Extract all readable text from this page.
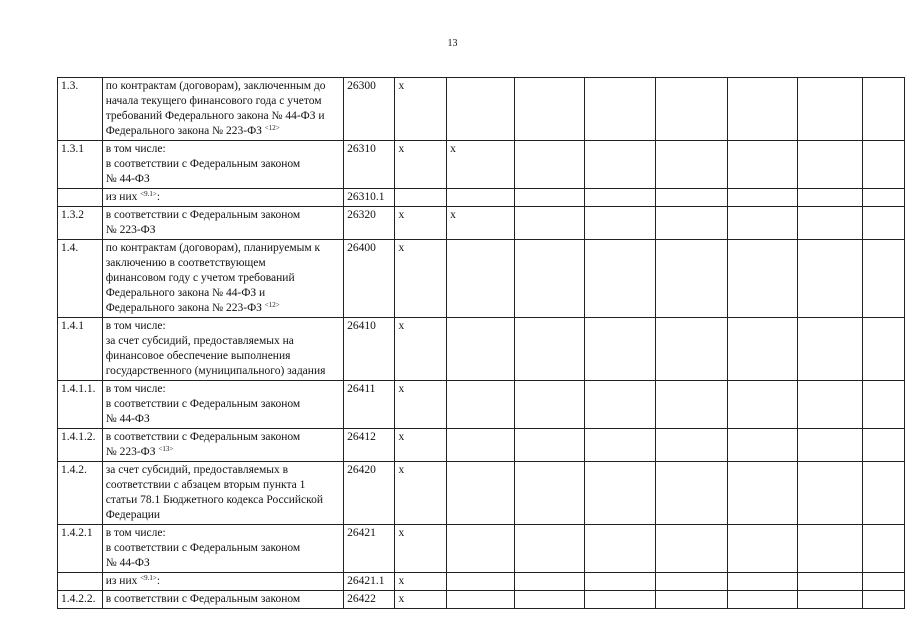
13
1.3.	по контрактам (договорам), заключенным до
начала текущего финансового года с учетом
требований Федерального закона № 44-ФЗ и
Федерального закона № 223-ФЗ $^{<12>}$	26300	x							
1.3.1	в том числе:
в соответствии с Федеральным законом
№ 44-ФЗ	26310	x	x						
	из них $^{<9.1>}$:	26310.1								
1.3.2	в соответствии с Федеральным законом
№ 223-ФЗ	26320	x	x						
1.4.	по контрактам (договорам), планируемым к
заключению в соответствующем
финансовом году с учетом требований
Федерального закона № 44-ФЗ и
Федерального закона № 223-ФЗ $^{<12>}$	26400	x							
1.4.1	в том числе:
за счет субсидий, предоставляемых на
финансовое обеспечение выполнения
государственного (муниципального) задания	26410	x							
1.4.1.1.	в том числе:
в соответствии с Федеральным законом
№ 44-ФЗ	26411	x							
1.4.1.2.	в соответствии с Федеральным законом
№ 223-ФЗ $^{<13>}$	26412	x							
1.4.2.	за счет субсидий, предоставляемых в
соответствии с абзацем вторым пункта 1
статьи 78.1 Бюджетного кодекса Российской
Федерации	26420	x							
1.4.2.1	в том числе:
в соответствии с Федеральным законом
№ 44-ФЗ	26421	x							
	из них $^{<9.1>}$:	26421.1	x							
1.4.2.2.	в соответствии с Федеральным законом	26422	x							
